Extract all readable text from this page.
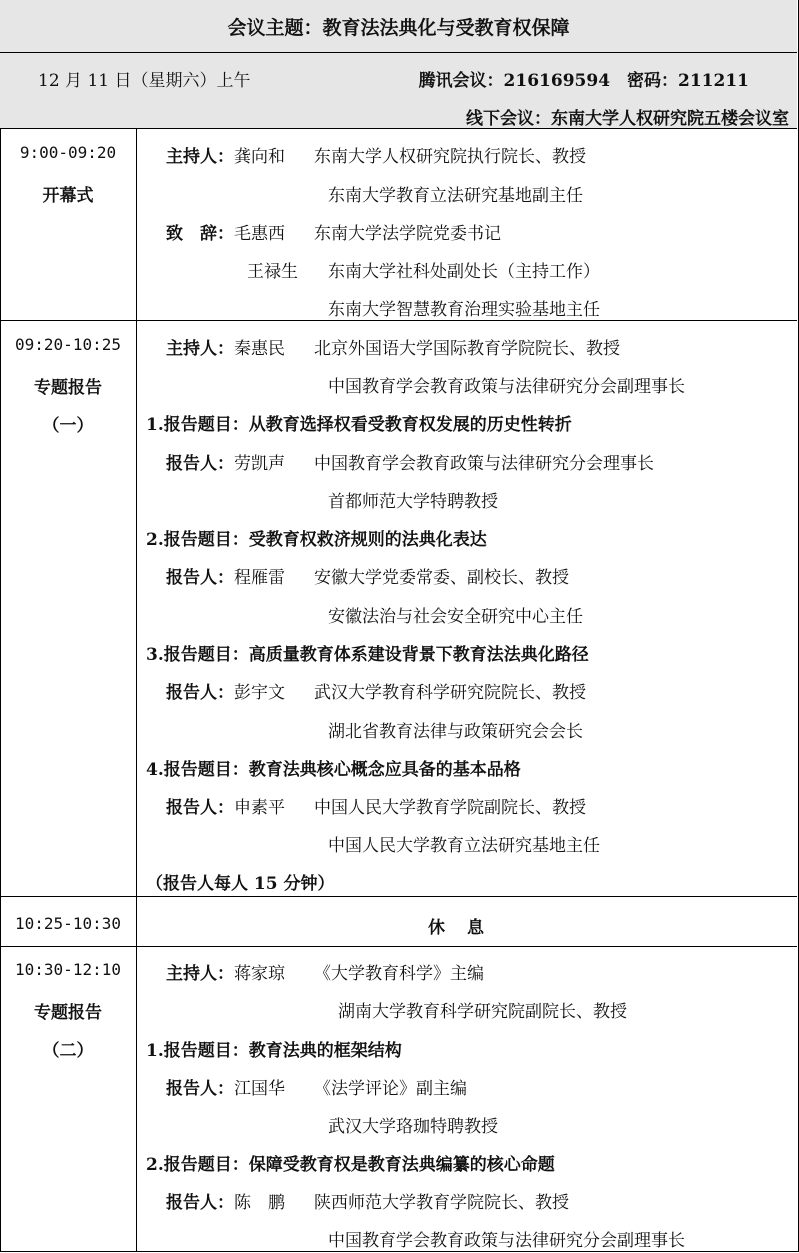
会议主题：教育法法典化与受教育权保障
12 月 11 日（星期六）上午	腾讯会议：216169594　密码：211211
线下会议：东南大学人权研究院五楼会议室
9:00-09:20
开幕式
主持人：龚向和 东南大学人权研究院执行院长、教授
东南大学教育立法研究基地副主任
致　辞：毛惠西 东南大学法学院党委书记
王禄生 东南大学社科处副处长（主持工作）
东南大学智慧教育治理实验基地主任
09:20-10:25
专题报告
（一）
主持人：秦惠民 北京外国语大学国际教育学院院长、教授
中国教育学会教育政策与法律研究分会副理事长
1.报告题目：从教育选择权看受教育权发展的历史性转折
报告人：劳凯声 中国教育学会教育政策与法律研究分会理事长
首都师范大学特聘教授
2.报告题目：受教育权救济规则的法典化表达
报告人：程雁雷 安徽大学党委常委、副校长、教授
安徽法治与社会安全研究中心主任
3.报告题目：高质量教育体系建设背景下教育法法典化路径
报告人：彭宇文 武汉大学教育科学研究院院长、教授
湖北省教育法律与政策研究会会长
4.报告题目：教育法典核心概念应具备的基本品格
报告人：申素平 中国人民大学教育学院副院长、教授
中国人民大学教育立法研究基地主任
（报告人每人 15 分钟）
10:25-10:30	休息
10:30-12:10
专题报告
（二）
主持人：蒋家琼 《大学教育科学》主编
湖南大学教育科学研究院副院长、教授
1.报告题目：教育法典的框架结构
报告人：江国华 《法学评论》副主编
武汉大学珞珈特聘教授
2.报告题目：保障受教育权是教育法典编纂的核心命题
报告人：陈　鹏 陕西师范大学教育学院院长、教授
中国教育学会教育政策与法律研究分会副理事长
